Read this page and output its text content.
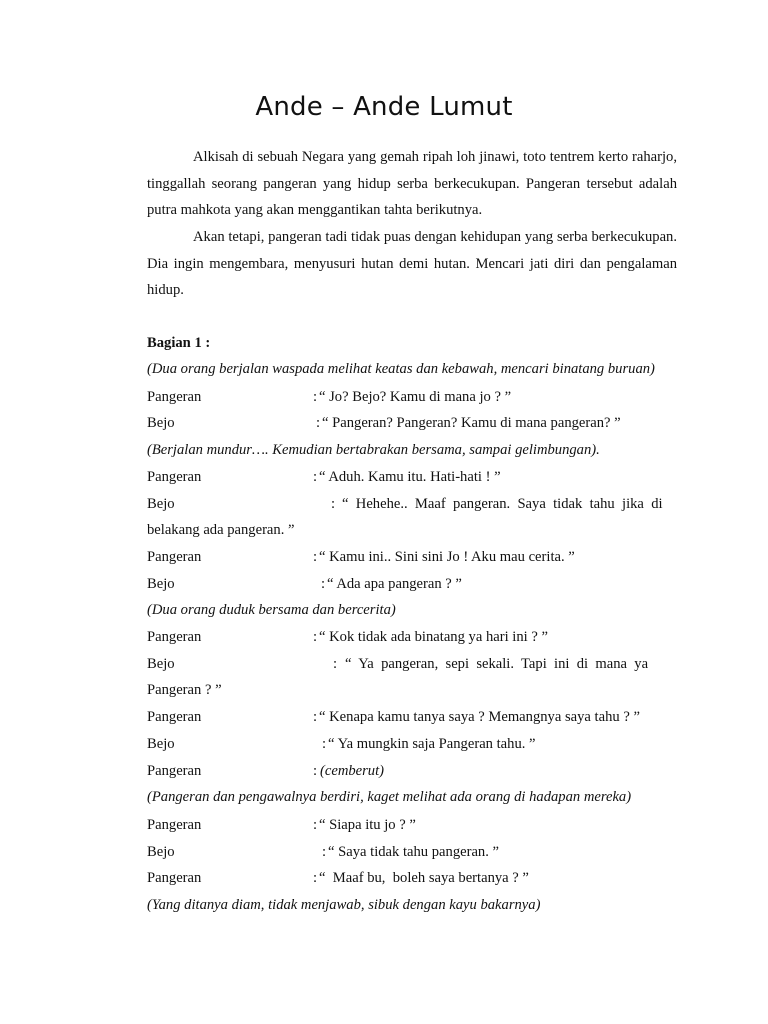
Ande – Ande Lumut

Alkisah di sebuah Negara yang gemah ripah loh jinawi, toto tentrem kerto raharjo, tinggallah seorang pangeran yang hidup serba berkecukupan. Pangeran tersebut adalah putra mahkota yang akan menggantikan tahta berikutnya.

Akan tetapi, pangeran tadi tidak puas dengan kehidupan yang serba berkecukupan. Dia ingin mengembara, menyusuri hutan demi hutan. Mencari jati diri dan pengalaman hidup.

Bagian 1 :

(Dua orang berjalan waspada melihat keatas dan kebawah, mencari binatang buruan)

Pangeran	: “ Jo? Bejo? Kamu di mana jo ? ”
Bejo	: “ Pangeran? Pangeran? Kamu di mana pangeran? ”

(Berjalan mundur…. Kemudian bertabrakan bersama, sampai gelimbungan).

Pangeran	: “ Aduh. Kamu itu. Hati-hati ! ”
Bejo	: “  Hehehe..  Maaf  pangeran.  Saya  tidak  tahu  jika  di

belakang ada pangeran. ”

Pangeran	: “ Kamu ini.. Sini sini Jo ! Aku mau cerita. ”
Bejo	: “ Ada apa pangeran ? ”

(Dua orang duduk bersama dan bercerita)

Pangeran	: “ Kok tidak ada binatang ya hari ini ? ”
Bejo	: “  Ya  pangeran,  sepi  sekali.  Tapi  ini  di  mana  ya

Pangeran ? ”

Pangeran	: “ Kenapa kamu tanya saya ? Memangnya saya tahu ? ”
Bejo	: “ Ya mungkin saja Pangeran tahu. ”
Pangeran	: (cemberut)

(Pangeran dan pengawalnya berdiri, kaget melihat ada orang di hadapan mereka)

Pangeran	: “ Siapa itu jo ? ”
Bejo	: “ Saya tidak tahu pangeran. ”
Pangeran	: “  Maaf bu,  boleh saya bertanya ? ”

(Yang ditanya diam, tidak menjawab, sibuk dengan kayu bakarnya)
